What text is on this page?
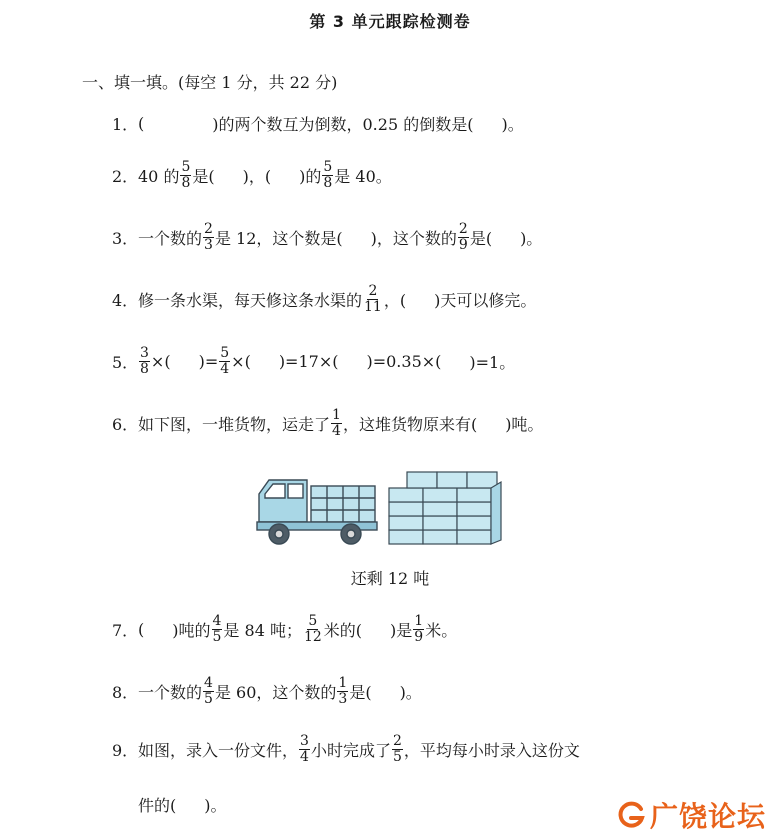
第 3 单元跟踪检测卷
一、填一填。(每空 1 分，共 22 分)
1． (	)的两个数互为倒数，0.25 的倒数是( )。
2． 40 的 $\frac{5}{8}$ 是( )，( )的 $\frac{5}{8}$ 是 40。
3． 一个数的 $\frac{2}{3}$ 是 12，这个数是( )，这个数的 $\frac{2}{9}$ 是( )。
4． 修一条水渠，每天修这条水渠的 $\frac{2}{11}$ ，( )天可以修完。
5． $\frac{3}{8}$ ×( )= $\frac{5}{4}$ ×( )=17×( )=0.35×( )=1。
6． 如下图，一堆货物，运走了 $\frac{1}{4}$ ，这堆货物原来有( )吨。
还剩 12 吨
7． ( )吨的 $\frac{4}{5}$ 是 84 吨； $\frac{5}{12}$ 米的( )是 $\frac{1}{9}$ 米。
8． 一个数的 $\frac{4}{5}$ 是 60，这个数的 $\frac{1}{3}$ 是( )。
9． 如图，录入一份文件， $\frac{3}{4}$ 小时完成了 $\frac{2}{5}$ ，平均每小时录入这份文
件的( )。	广饶论坛
